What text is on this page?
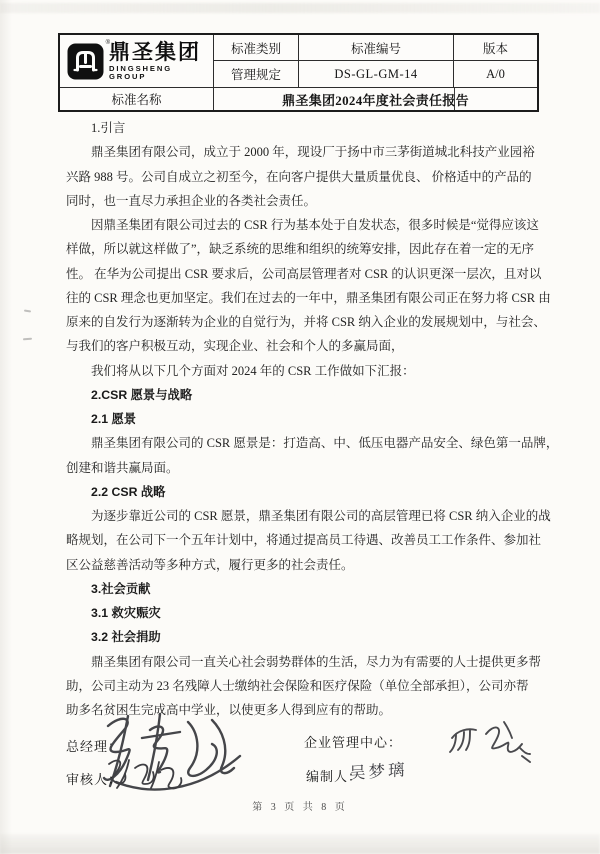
® 鼎圣集团
DINGSHENG GROUP
标准类别	标准编号	版本
管理规定	DS-GL-GM-14	A/0
标准名称	鼎圣集团2024年度社会责任报告
1.引言
鼎圣集团有限公司，成立于 2000 年，现设厂于扬中市三茅街道城北科技产业园裕
兴路 988 号。公司自成立之初至今，在向客户提供大量质量优良、 价格适中的产品的
同时，也一直尽力承担企业的各类社会责任。
因鼎圣集团有限公司过去的 CSR 行为基本处于自发状态，很多时候是“觉得应该这
样做，所以就这样做了”，缺乏系统的思维和组织的统筹安排，因此存在着一定的无序
性。 在华为公司提出 CSR 要求后，公司高层管理者对 CSR 的认识更深一层次，且对以
往的 CSR 理念也更加坚定。我们在过去的一年中，鼎圣集团有限公司正在努力将 CSR 由
原来的自发行为逐渐转为企业的自觉行为，并将 CSR 纳入企业的发展规划中，与社会、
与我们的客户积极互动，实现企业、社会和个人的多赢局面，
我们将从以下几个方面对 2024 年的 CSR 工作做如下汇报：
2.CSR 愿景与战略
2.1 愿景
鼎圣集团有限公司的 CSR 愿景是：打造高、中、低压电器产品安全、绿色第一品牌，
创建和谐共赢局面。
2.2 CSR 战略
为逐步靠近公司的 CSR 愿景，鼎圣集团有限公司的高层管理已将 CSR 纳入企业的战
略规划，在公司下一个五年计划中，将通过提高员工待遇、改善员工工作条件、参加社
区公益慈善活动等多种方式，履行更多的社会责任。
3.社会贡献
3.1 救灾赈灾
3.2 社会捐助
鼎圣集团有限公司一直关心社会弱势群体的生活，尽力为有需要的人士提供更多帮
助，公司主动为 23 名残障人士缴纳社会保险和医疗保险（单位全部承担），公司亦帮
助多名贫困生完成高中学业，以使更多人得到应有的帮助。
总经理：	企业管理中心：
审核人：	编制人：
吴梦璃
第 3 页 共 8 页
